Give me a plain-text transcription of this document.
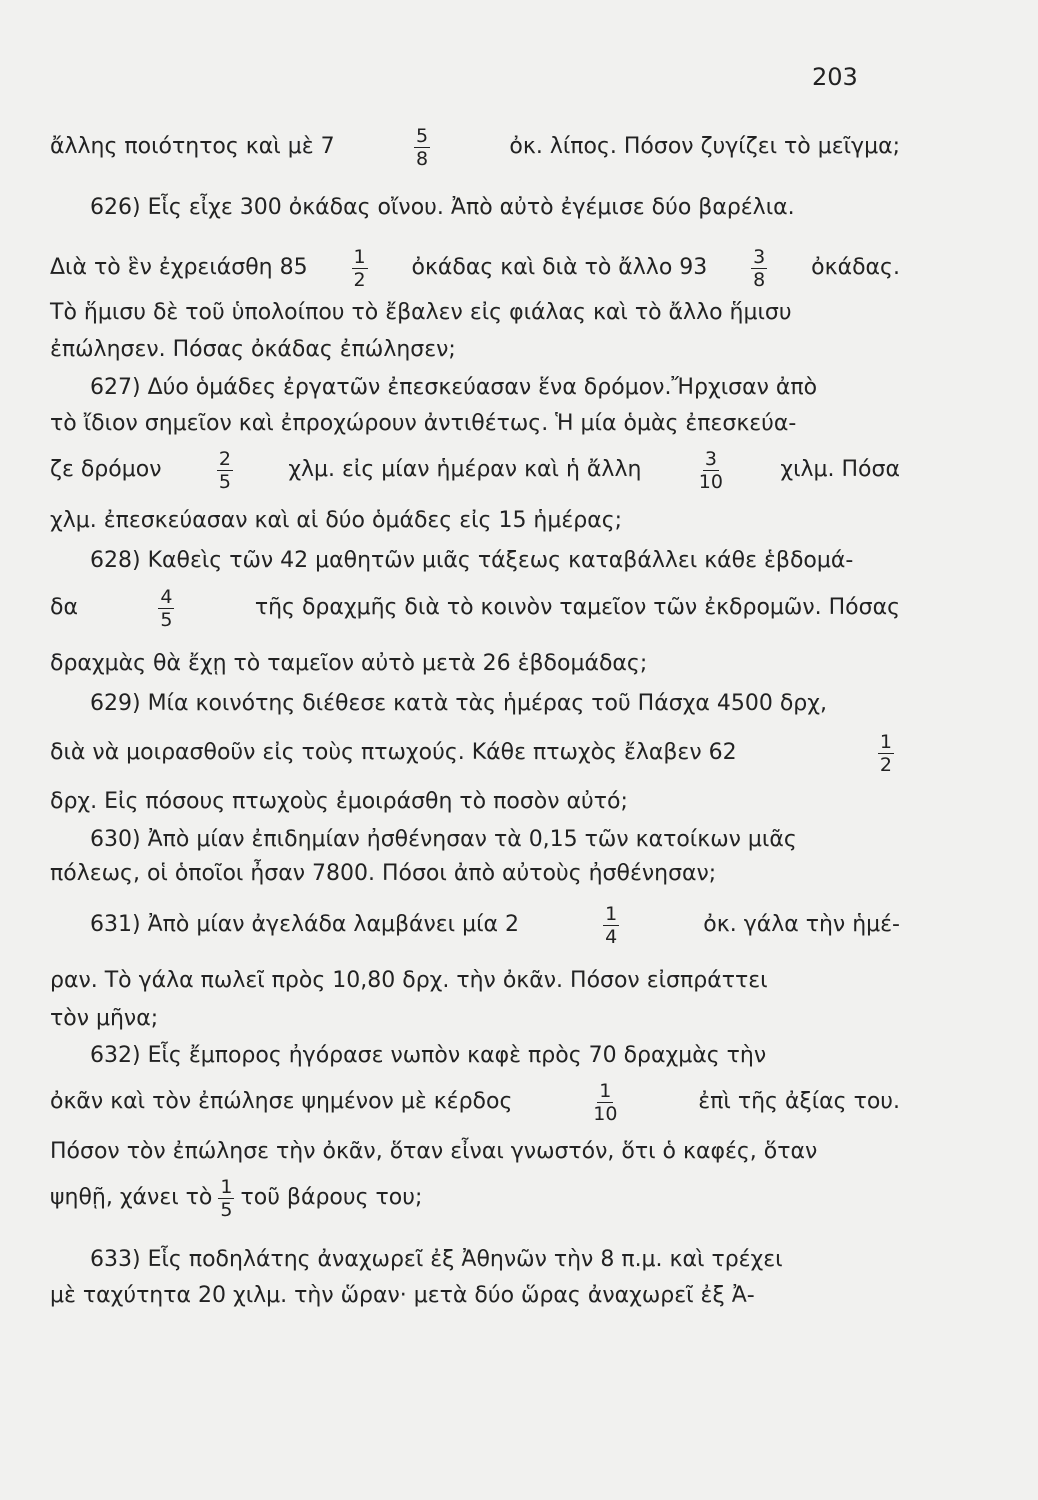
203
ἄλλης ποιότητος καὶ μὲ 7	5
8	ὀκ. λίπος. Πόσον ζυγίζει τὸ μεῖγμα;
626) Εἷς εἶχε 300 ὀκάδας οἴνου. Ἀπὸ αὐτὸ ἐγέμισε δύο βαρέλια.
Διὰ τὸ ἓν ἐχρειάσθη 85 1
2 ὀκάδας καὶ διὰ τὸ ἄλλο 93 3
8 ὀκάδας.
Τὸ ἥμισυ δὲ τοῦ ὑπολοίπου τὸ ἔβαλεν εἰς φιάλας καὶ τὸ ἄλλο ἥμισυ
ἐπώλησεν. Πόσας ὀκάδας ἐπώλησεν;
627) Δύο ὁμάδες ἐργατῶν ἐπεσκεύασαν ἕνα δρόμον.Ἤρχισαν ἀπὸ
τὸ ἴδιον σημεῖον καὶ ἐπροχώρουν ἀντιθέτως. Ἡ μία ὁμὰς ἐπεσκεύα-
ζε δρόμον	2
5	χλμ. εἰς μίαν ἡμέραν καὶ ἡ ἄλλη	3
10	χιλμ. Πόσα
χλμ. ἐπεσκεύασαν καὶ αἱ δύο ὁμάδες εἰς 15 ἡμέρας;
628) Καθεὶς τῶν 42 μαθητῶν μιᾶς τάξεως καταβάλλει κάθε ἑβδομά-
δα	4
5	τῆς δραχμῆς διὰ τὸ κοινὸν ταμεῖον τῶν ἐκδρομῶν. Πόσας
δραχμὰς θὰ ἔχῃ τὸ ταμεῖον αὐτὸ μετὰ 26 ἑβδομάδας;
629) Μία κοινότης διέθεσε κατὰ τὰς ἡμέρας τοῦ Πάσχα 4500 δρχ,
διὰ νὰ μοιρασθοῦν εἰς τοὺς πτωχούς. Κάθε πτωχὸς ἔλαβεν 62	1
2
δρχ. Εἰς πόσους πτωχοὺς ἐμοιράσθη τὸ ποσὸν αὐτό;
630) Ἀπὸ μίαν ἐπιδημίαν ἠσθένησαν τὰ 0,15 τῶν κατοίκων μιᾶς
πόλεως, οἱ ὁποῖοι ἦσαν 7800. Πόσοι ἀπὸ αὐτοὺς ἠσθένησαν;
631) Ἀπὸ μίαν ἀγελάδα λαμβάνει μία 2	1
4	ὀκ. γάλα τὴν ἡμέ-
ραν. Τὸ γάλα πωλεῖ πρὸς 10,80 δρχ. τὴν ὀκᾶν. Πόσον εἰσπράττει
τὸν μῆνα;
632) Εἷς ἔμπορος ἠγόρασε νωπὸν καφὲ πρὸς 70 δραχμὰς τὴν
ὀκᾶν καὶ τὸν ἐπώλησε ψημένον μὲ κέρδος	1
10	ἐπὶ τῆς ἀξίας του.
Πόσον τὸν ἐπώλησε τὴν ὀκᾶν, ὅταν εἶναι γνωστόν, ὅτι ὁ καφές, ὅταν
ψηθῇ, χάνει τὸ 1
5 τοῦ βάρους του;
633) Εἷς ποδηλάτης ἀναχωρεῖ ἐξ Ἀθηνῶν τὴν 8 π.μ. καὶ τρέχει
μὲ ταχύτητα 20 χιλμ. τὴν ὥραν· μετὰ δύο ὥρας ἀναχωρεῖ ἐξ Ἀ-
